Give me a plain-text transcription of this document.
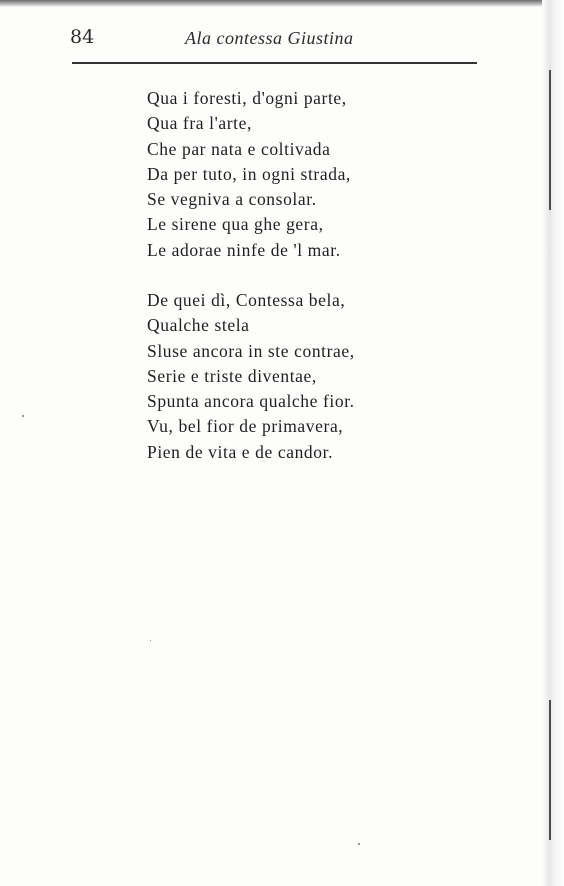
84	Ala contessa Giustina
Qua i foresti, d'ogni parte,
Qua fra l'arte,
Che par nata e coltivada
Da per tuto, in ogni strada,
Se vegniva a consolar.
Le sirene qua ghe gera,
Le adorae ninfe de 'l mar.
De quei dì, Contessa bela,
Qualche stela
Sluse ancora in ste contrae,
Serie e triste diventae,
Spunta ancora qualche fior.
Vu, bel fior de primavera,
Pien de vita e de candor.
